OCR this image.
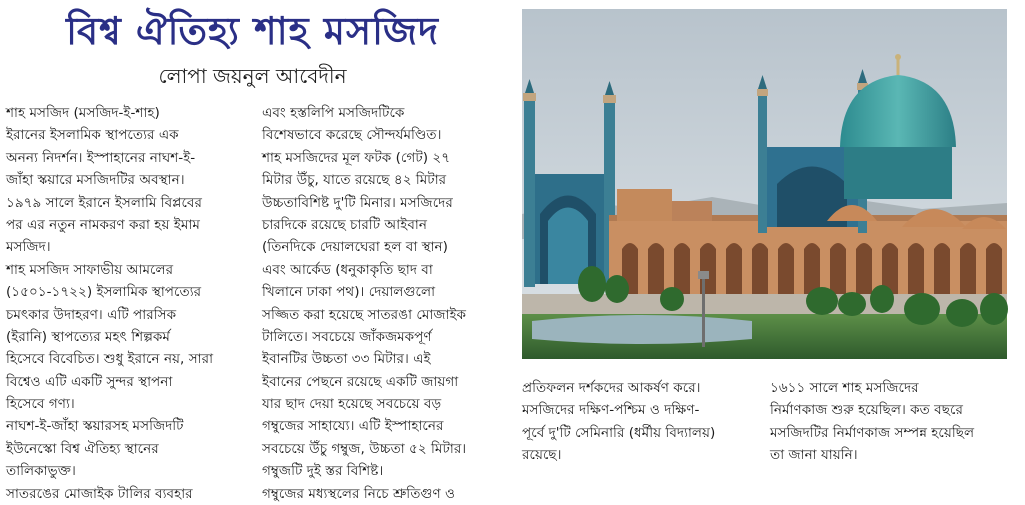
বিশ্ব ঐতিহ্য শাহ মসজিদ
লোপা জয়নুল আবেদীন
শাহ মসজিদ (মসজিদ-ই-শাহ)
ইরানের ইসলামিক স্থাপত্যের এক
অনন্য নিদর্শন। ইস্পাহানের নাঘশ-ই-
জাঁহা স্কয়ারে মসজিদটির অবস্থান।
১৯৭৯ সালে ইরানে ইসলামি বিপ্লবের
পর এর নতুন নামকরণ করা হয় ইমাম
মসজিদ।
শাহ মসজিদ সাফাভীয় আমলের
(১৫০১-১৭২২) ইসলামিক স্থাপত্যের
চমৎকার উদাহরণ। এটি পারসিক
(ইরানি) স্থাপত্যের মহৎ শিল্পকর্ম
হিসেবে বিবেচিত। শুধু ইরানে নয়, সারা
বিশ্বেও এটি একটি সুন্দর স্থাপনা
হিসেবে গণ্য।
নাঘশ-ই-জাঁহা স্কয়ারসহ মসজিদটি
ইউনেস্কো বিশ্ব ঐতিহ্য স্থানের
তালিকাভুক্ত।
সাতরঙের মোজাইক টালির ব্যবহার
এবং হস্তলিপি মসজিদটিকে
বিশেষভাবে করেছে সৌন্দর্যমণ্ডিত।
শাহ মসজিদের মূল ফটক (গেট) ২৭
মিটার উঁচু, যাতে রয়েছে ৪২ মিটার
উচ্চতাবিশিষ্ট দু'টি মিনার। মসজিদের
চারদিকে রয়েছে চারটি আইবান
(তিনদিকে দেয়ালঘেরা হল বা স্থান)
এবং আর্কেড (ধনুকাকৃতি ছাদ বা
খিলানে ঢাকা পথ)। দেয়ালগুলো
সজ্জিত করা হয়েছে সাতরঙা মোজাইক
টালিতে। সবচেয়ে জাঁকজমকপূর্ণ
ইবানটির উচ্চতা ৩৩ মিটার। এই
ইবানের পেছনে রয়েছে একটি জায়গা
যার ছাদ দেয়া হয়েছে সবচেয়ে বড়
গম্বুজের সাহায্যে। এটি ইস্পাহানের
সবচেয়ে উঁচু গম্বুজ, উচ্চতা ৫২ মিটার।
গম্বুজটি দুই স্তর বিশিষ্ট।
গম্বুজের মধ্যস্থলের নিচে শ্রুতিগুণ ও
প্রতিফলন দর্শকদের আকর্ষণ করে।
মসজিদের দক্ষিণ-পশ্চিম ও দক্ষিণ-
পূর্বে দু'টি সেমিনারি (ধর্মীয় বিদ্যালয়)
রয়েছে।
১৬১১ সালে শাহ মসজিদের
নির্মাণকাজ শুরু হয়েছিল। কত বছরে
মসজিদটির নির্মাণকাজ সম্পন্ন হয়েছিল
তা জানা যায়নি।
